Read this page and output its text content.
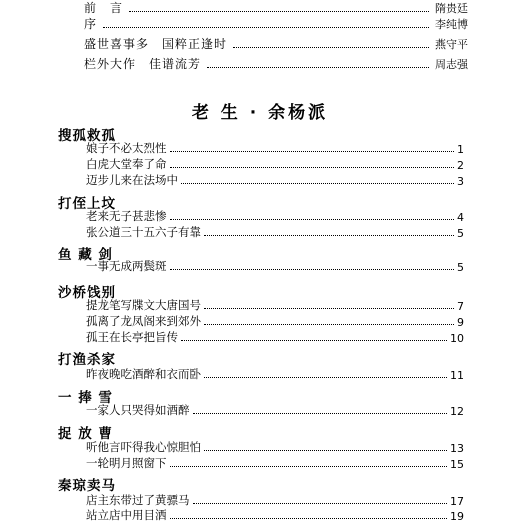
前　言	隋贵廷
序	李纯博
盛世喜事多　国粹正逢时	燕守平
栏外大作　佳谱流芳	周志强
老 生 · 余杨派
搜孤救孤
娘子不必太烈性	1
白虎大堂奉了命	2
迈步儿来在法场中	3
打侄上坟
老来无子甚悲惨	4
张公道三十五六子有靠	5
鱼 藏 剑
一事无成两鬓斑	5
沙桥饯别
提龙笔写牒文大唐国号	7
孤离了龙凤阁来到郊外	9
孤王在长亭把旨传	10
打渔杀家
昨夜晚吃酒醉和衣而卧	11
一 捧 雪
一家人只哭得如酒醉	12
捉 放 曹
听他言吓得我心惊胆怕	13
一轮明月照窗下	15
秦琼卖马
店主东带过了黄骠马	17
站立店中用目洒	19
